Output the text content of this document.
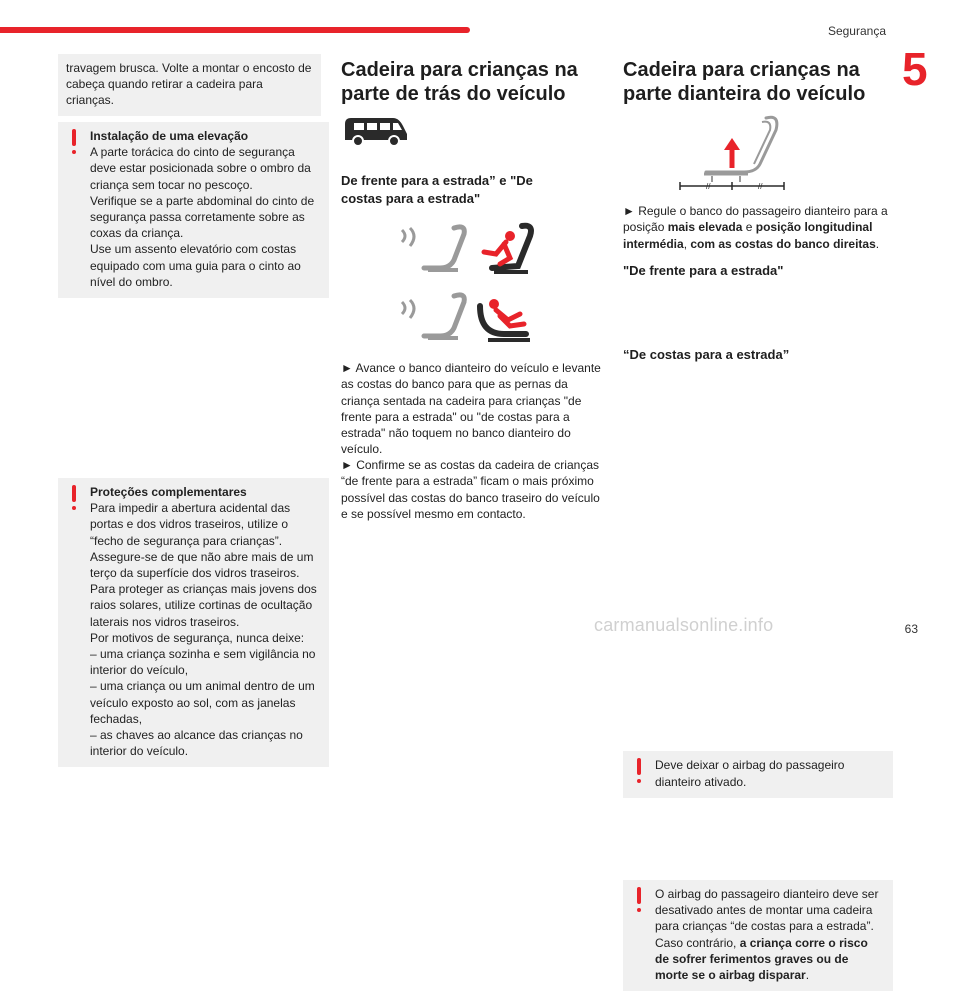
Segurança
5

travagem brusca. Volte a montar o encosto de cabeça quando retirar a cadeira para crianças.

Instalação de uma elevação

A parte torácica do cinto de segurança

deve estar posicionada sobre o ombro da criança sem tocar no pescoço.

Verifique se a parte abdominal do cinto de segurança passa corretamente sobre as coxas da criança.

Use um assento elevatório com costas equipado com uma guia para o cinto ao nível do ombro.

Proteções complementares

Para impedir a abertura acidental das

portas e dos vidros traseiros, utilize o “fecho de segurança para crianças”.

Assegure-se de que não abre mais de um terço da superfície dos vidros traseiros.

Para proteger as crianças mais jovens dos raios solares, utilize cortinas de ocultação laterais nos vidros traseiros.

Por motivos de segurança, nunca deixe:

– uma criança sozinha e sem vigilância no interior do veículo,

– uma criança ou um animal dentro de um veículo exposto ao sol, com as janelas fechadas,

– as chaves ao alcance das crianças no interior do veículo.

Cadeira para crianças na parte de trás do veículo
De frente para a estrada” e "De costas para a estrada"

► Avance o banco dianteiro do veículo e levante as costas do banco para que as pernas da criança sentada na cadeira para crianças "de frente para a estrada" ou "de costas para a estrada" não toquem no banco dianteiro do veículo.

► Confirme se as costas da cadeira de crianças “de frente para a estrada” ficam o mais próximo possível das costas do banco traseiro do veículo e se possível mesmo em contacto.

Cadeira para crianças na parte dianteira do veículo
//	//

► Regule o banco do passageiro dianteiro para a posição mais elevada e posição longitudinal intermédia, com as costas do banco direitas.

"De frente para a estrada"

Deve deixar o airbag do passageiro dianteiro ativado.

“De costas para a estrada”

O airbag do passageiro dianteiro deve ser desativado antes de montar uma cadeira para crianças “de costas para a estrada”. Caso contrário, a criança corre o risco de sofrer ferimentos graves ou de morte se o airbag disparar.

carmanualsonline.info	63
